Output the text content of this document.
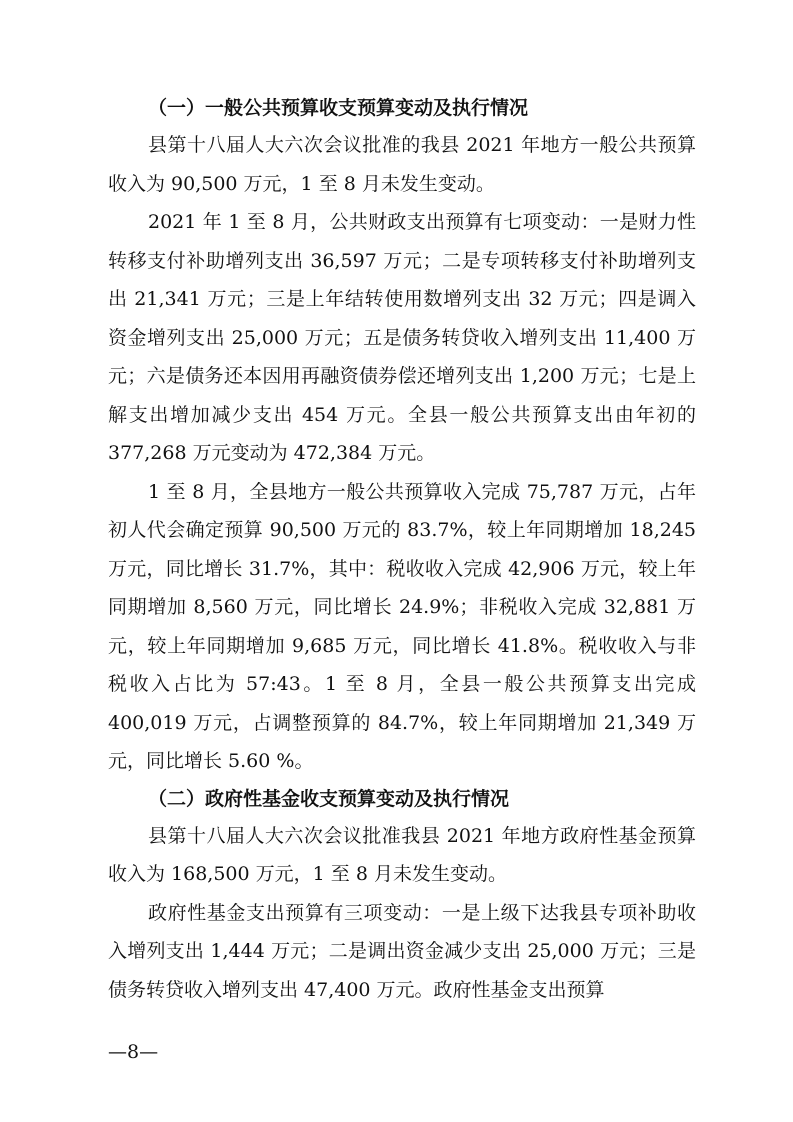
（一）一般公共预算收支预算变动及执行情况

县第十八届人大六次会议批准的我县 2021 年地方一般公共预算收入为 90,500 万元，1 至 8 月未发生变动。

2021 年 1 至 8 月，公共财政支出预算有七项变动：一是财力性转移支付补助增列支出 36,597 万元；二是专项转移支付补助增列支出 21,341 万元；三是上年结转使用数增列支出 32 万元；四是调入资金增列支出 25,000 万元；五是债务转贷收入增列支出 11,400 万元；六是债务还本因用再融资债券偿还增列支出 1,200 万元；七是上解支出增加减少支出 454 万元。全县一般公共预算支出由年初的 377,268 万元变动为 472,384 万元。

1 至 8 月，全县地方一般公共预算收入完成 75,787 万元，占年初人代会确定预算 90,500 万元的 83.7%，较上年同期增加 18,245 万元，同比增长 31.7%，其中：税收收入完成 42,906 万元，较上年同期增加 8,560 万元，同比增长 24.9%；非税收入完成 32,881 万元，较上年同期增加 9,685 万元，同比增长 41.8%。税收收入与非税收入占比为 57:43。1 至 8 月，全县一般公共预算支出完成 400,019 万元，占调整预算的 84.7%，较上年同期增加 21,349 万元，同比增长 5.60 %。

（二）政府性基金收支预算变动及执行情况

县第十八届人大六次会议批准我县 2021 年地方政府性基金预算收入为 168,500 万元，1 至 8 月未发生变动。

政府性基金支出预算有三项变动：一是上级下达我县专项补助收入增列支出 1,444 万元；二是调出资金减少支出 25,000 万元；三是债务转贷收入增列支出 47,400 万元。政府性基金支出预算

—8—
